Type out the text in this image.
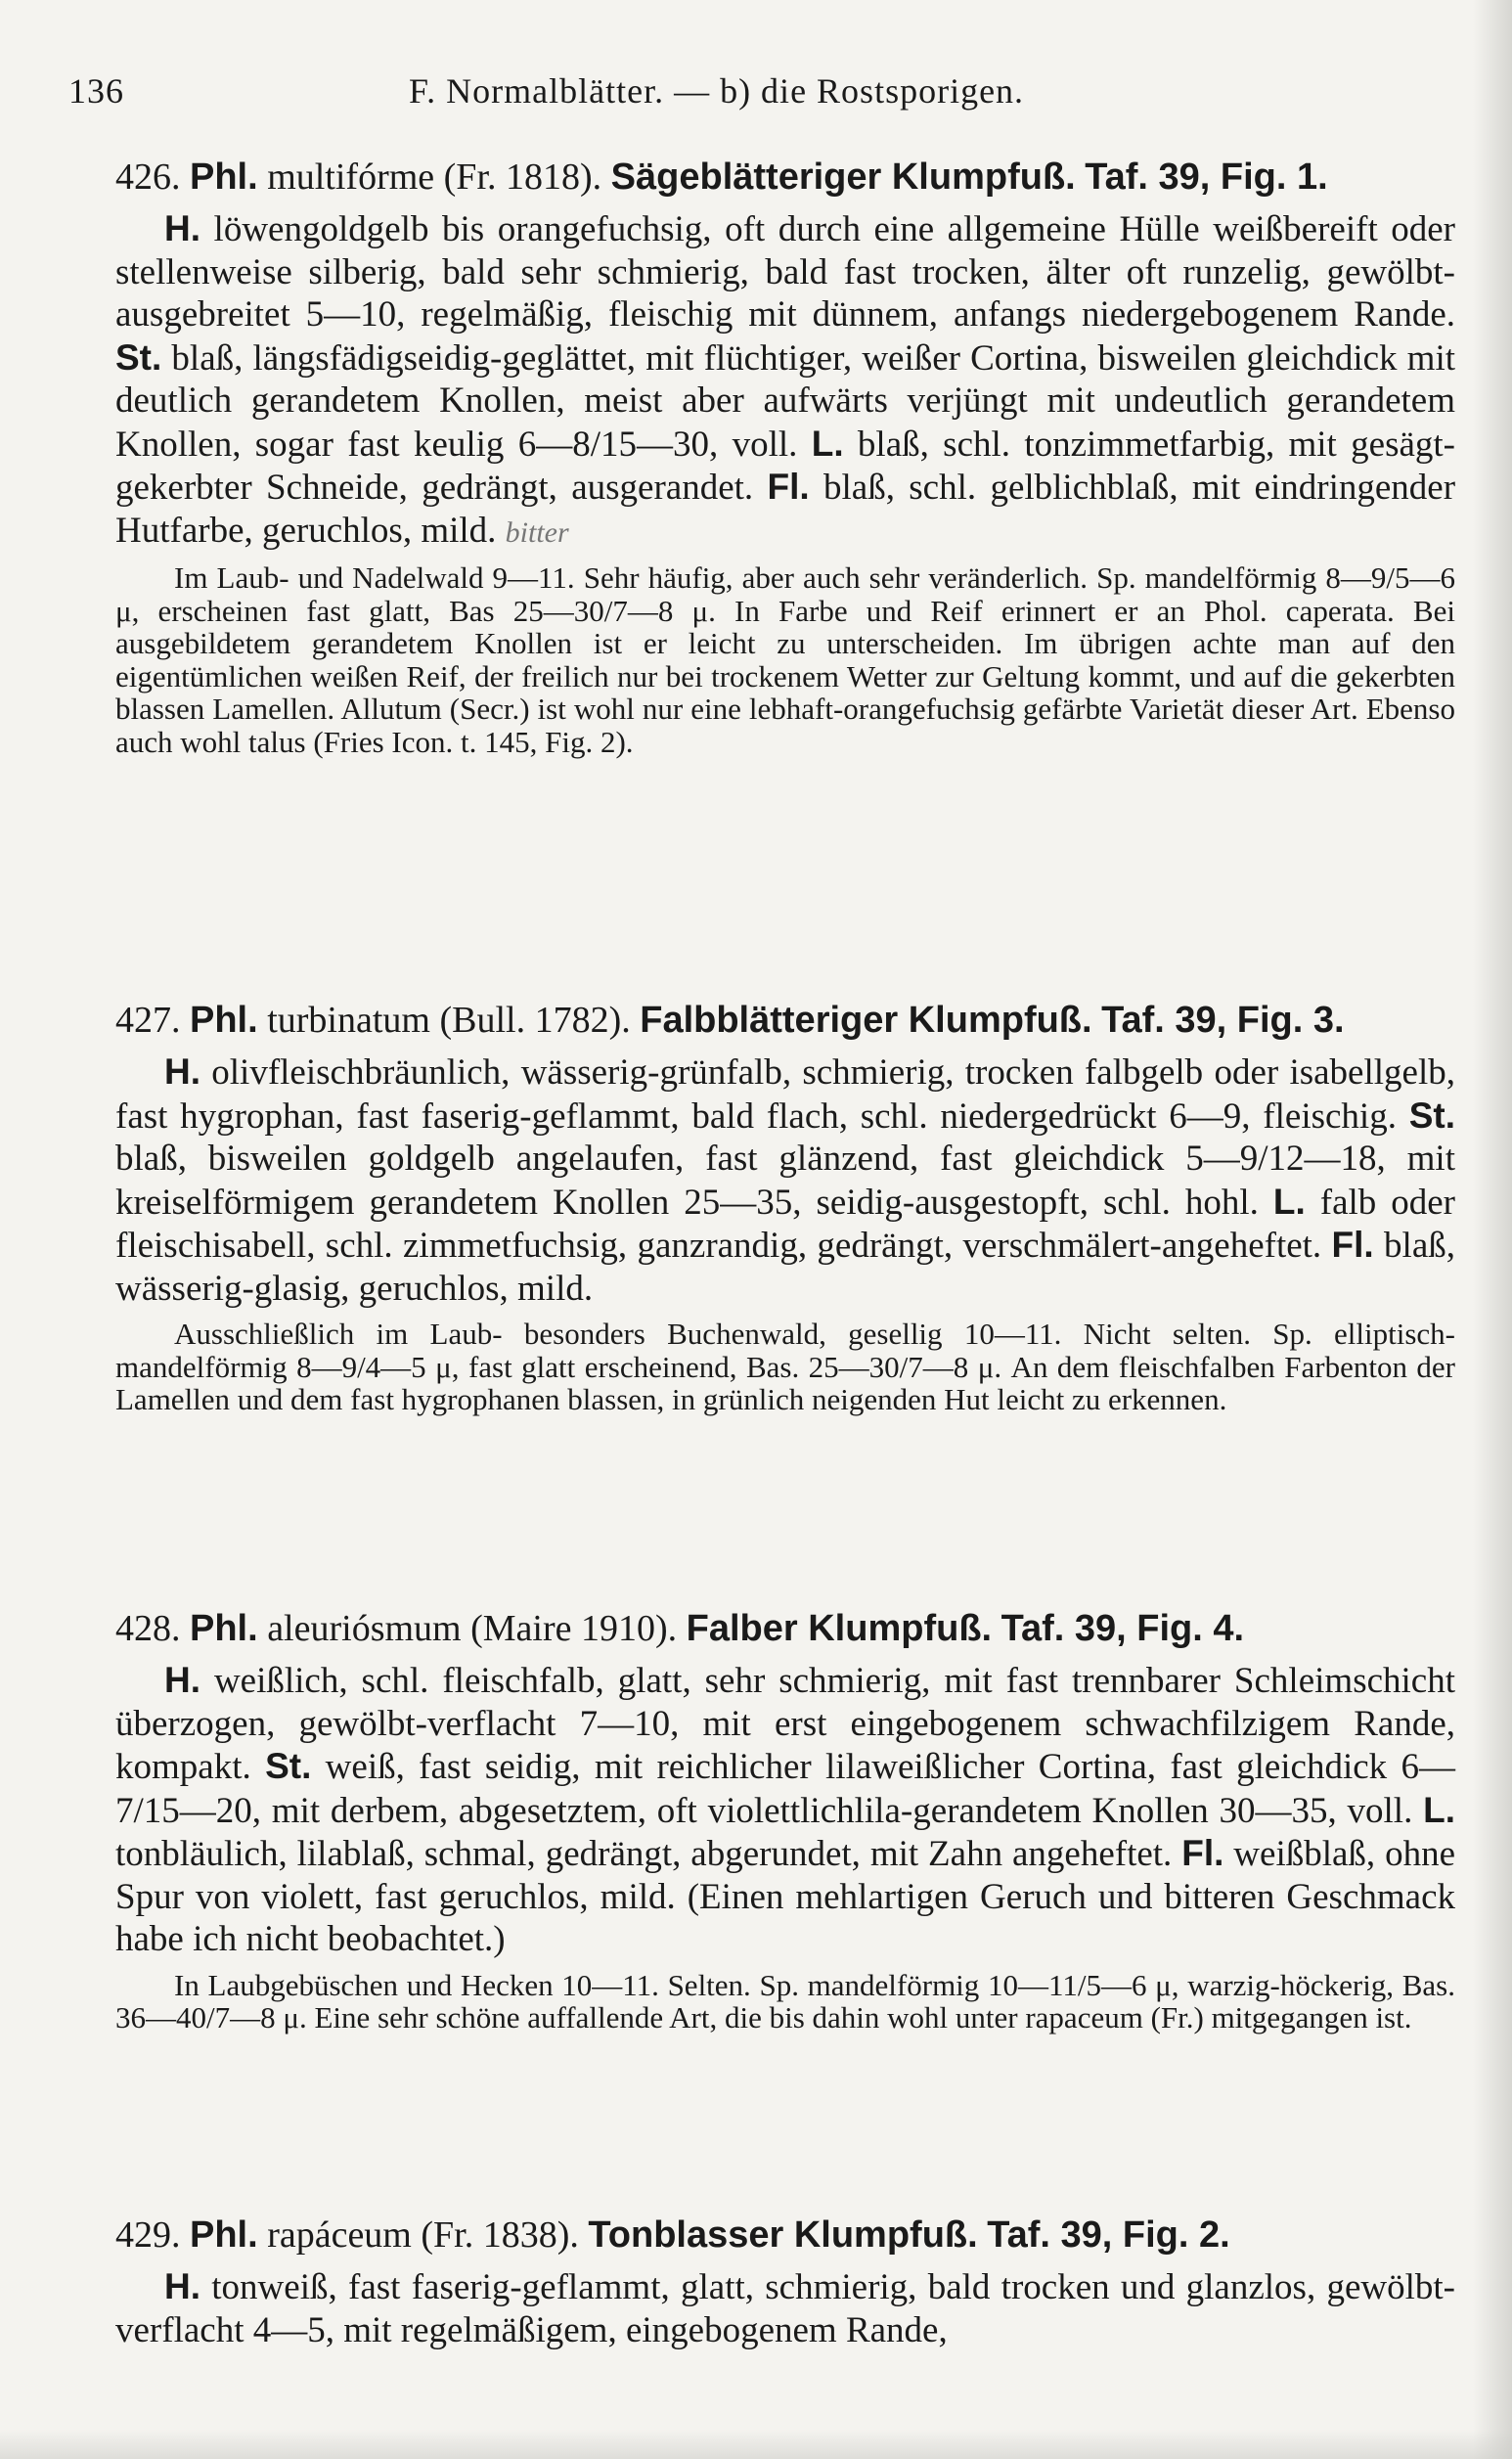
136	F. Normalblätter. — b) die Rostsporigen.
426. Phl. multifórme (Fr. 1818). Sägeblätteriger Klumpfuß. Taf. 39, Fig. 1.
H. löwengoldgelb bis orangefuchsig, oft durch eine allgemeine Hülle weißbereift oder stellenweise silberig, bald sehr schmierig, bald fast trocken, älter oft runzelig, gewölbt-ausgebreitet 5—10, regelmäßig, fleischig mit dünnem, anfangs niedergebogenem Rande. St. blaß, längsfädigseidig-geglättet, mit flüchtiger, weißer Cortina, bisweilen gleichdick mit deutlich gerandetem Knollen, meist aber aufwärts verjüngt mit undeutlich gerandetem Knollen, sogar fast keulig 6—8/15—30, voll. L. blaß, schl. tonzimmetfarbig, mit gesägt-gekerbter Schneide, gedrängt, ausgerandet. Fl. blaß, schl. gelblichblaß, mit eindringender Hutfarbe, geruchlos, mild. bitter
Im Laub- und Nadelwald 9—11. Sehr häufig, aber auch sehr veränderlich. Sp. mandelförmig 8—9/5—6 μ, erscheinen fast glatt, Bas 25—30/7—8 μ. In Farbe und Reif erinnert er an Phol. caperata. Bei ausgebildetem gerandetem Knollen ist er leicht zu unterscheiden. Im übrigen achte man auf den eigentümlichen weißen Reif, der freilich nur bei trockenem Wetter zur Geltung kommt, und auf die gekerbten blassen Lamellen. Allutum (Secr.) ist wohl nur eine lebhaft-orangefuchsig gefärbte Varietät dieser Art. Ebenso auch wohl talus (Fries Icon. t. 145, Fig. 2).
427. Phl. turbinatum (Bull. 1782). Falbblätteriger Klumpfuß. Taf. 39, Fig. 3.
H. olivfleischbräunlich, wässerig-grünfalb, schmierig, trocken falbgelb oder isabellgelb, fast hygrophan, fast faserig-geflammt, bald flach, schl. niedergedrückt 6—9, fleischig. St. blaß, bisweilen goldgelb angelaufen, fast glänzend, fast gleichdick 5—9/12—18, mit kreiselförmigem gerandetem Knollen 25—35, seidig-ausgestopft, schl. hohl. L. falb oder fleischisabell, schl. zimmetfuchsig, ganzrandig, gedrängt, verschmälert-angeheftet. Fl. blaß, wässerig-glasig, geruchlos, mild.
Ausschließlich im Laub- besonders Buchenwald, gesellig 10—11. Nicht selten. Sp. elliptisch-mandelförmig 8—9/4—5 μ, fast glatt erscheinend, Bas. 25—30/7—8 μ. An dem fleischfalben Farbenton der Lamellen und dem fast hygrophanen blassen, in grünlich neigenden Hut leicht zu erkennen.
428. Phl. aleuriósmum (Maire 1910). Falber Klumpfuß. Taf. 39, Fig. 4.
H. weißlich, schl. fleischfalb, glatt, sehr schmierig, mit fast trennbarer Schleimschicht überzogen, gewölbt-verflacht 7—10, mit erst eingebogenem schwachfilzigem Rande, kompakt. St. weiß, fast seidig, mit reichlicher lilaweißlicher Cortina, fast gleichdick 6—7/15—20, mit derbem, abgesetztem, oft violettlichlila-gerandetem Knollen 30—35, voll. L. tonbläulich, lilablaß, schmal, gedrängt, abgerundet, mit Zahn angeheftet. Fl. weißblaß, ohne Spur von violett, fast geruchlos, mild. (Einen mehlartigen Geruch und bitteren Geschmack habe ich nicht beobachtet.)
In Laubgebüschen und Hecken 10—11. Selten. Sp. mandelförmig 10—11/5—6 μ, warzig-höckerig, Bas. 36—40/7—8 μ. Eine sehr schöne auffallende Art, die bis dahin wohl unter rapaceum (Fr.) mitgegangen ist.
429. Phl. rapáceum (Fr. 1838). Tonblasser Klumpfuß. Taf. 39, Fig. 2.
H. tonweiß, fast faserig-geflammt, glatt, schmierig, bald trocken und glanzlos, gewölbt-verflacht 4—5, mit regelmäßigem, eingebogenem Rande,
